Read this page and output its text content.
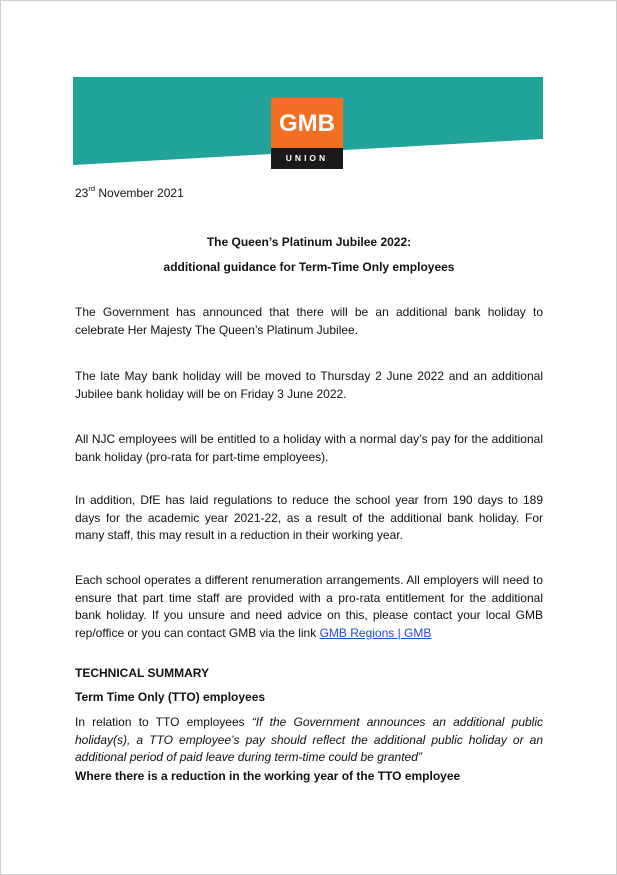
GMB
UNION
23rd November 2021
The Queen’s Platinum Jubilee 2022:
additional guidance for Term-Time Only employees

The Government has announced that there will be an additional bank holiday to celebrate Her Majesty The Queen’s Platinum Jubilee.

The late May bank holiday will be moved to Thursday 2 June 2022 and an additional Jubilee bank holiday will be on Friday 3 June 2022.

All NJC employees will be entitled to a holiday with a normal day’s pay for the additional bank holiday (pro-rata for part-time employees).

In addition, DfE has laid regulations to reduce the school year from 190 days to 189 days for the academic year 2021-22, as a result of the additional bank holiday. For many staff, this may result in a reduction in their working year.

Each school operates a different renumeration arrangements. All employers will need to ensure that part time staff are provided with a pro-rata entitlement for the additional bank holiday. If you unsure and need advice on this, please contact your local GMB rep/office or you can contact GMB via the link GMB Regions | GMB

TECHNICAL SUMMARY
Term Time Only (TTO) employees

In relation to TTO employees “If the Government announces an additional public holiday(s), a TTO employee’s pay should reflect the additional public holiday or an additional period of paid leave during term-time could be granted”

Where there is a reduction in the working year of the TTO employee
